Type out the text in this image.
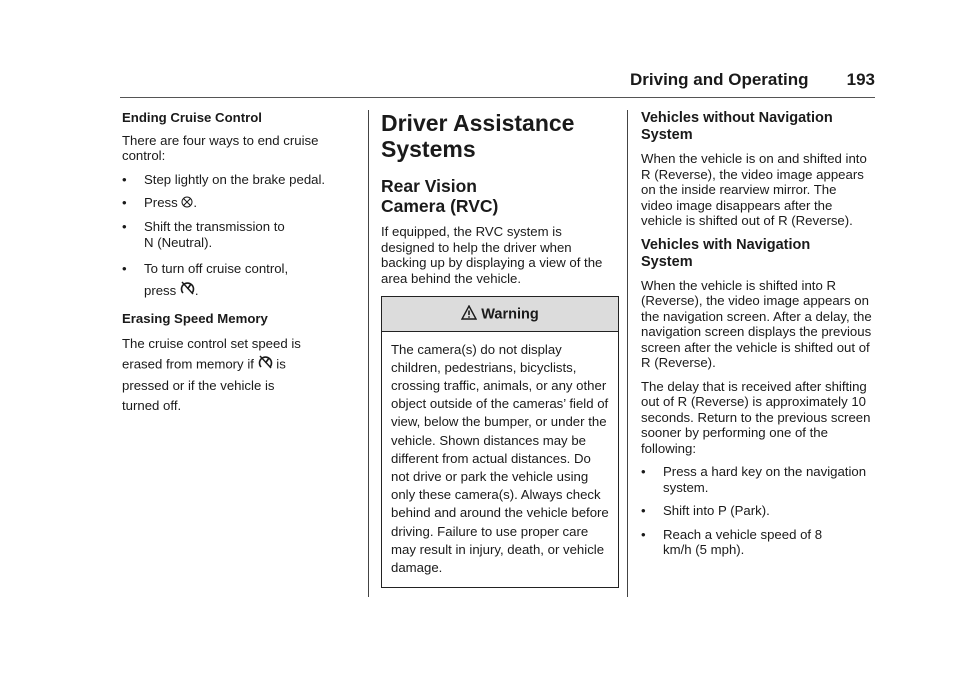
Driving and Operating 193

Ending Cruise Control

There are four ways to end cruise control:

• Step lightly on the brake pedal.
• Press .
• Shift the transmission to
N (Neutral).
• To turn off cruise control,
press .

Erasing Speed Memory

The cruise control set speed is
erased from memory if is
pressed or if the vehicle is
turned off.

Driver Assistance
Systems
Rear Vision
Camera (RVC)

If equipped, the RVC system is designed to help the driver when backing up by displaying a view of the area behind the vehicle.

Warning
The camera(s) do not display children, pedestrians, bicyclists, crossing traffic, animals, or any other object outside of the cameras’ field of view, below the bumper, or under the vehicle. Shown distances may be different from actual distances. Do not drive or park the vehicle using only these camera(s). Always check behind and around the vehicle before driving. Failure to use proper care may result in injury, death, or vehicle damage.
Vehicles without Navigation System

When the vehicle is on and shifted into R (Reverse), the video image appears on the inside rearview mirror. The video image disappears after the vehicle is shifted out of R (Reverse).

Vehicles with Navigation System

When the vehicle is shifted into R (Reverse), the video image appears on the navigation screen. After a delay, the navigation screen displays the previous screen after the vehicle is shifted out of R (Reverse).

The delay that is received after shifting out of R (Reverse) is approximately 10 seconds. Return to the previous screen sooner by performing one of the following:

• Press a hard key on the navigation system.
• Shift into P (Park).
• Reach a vehicle speed of 8 km/h (5 mph).
